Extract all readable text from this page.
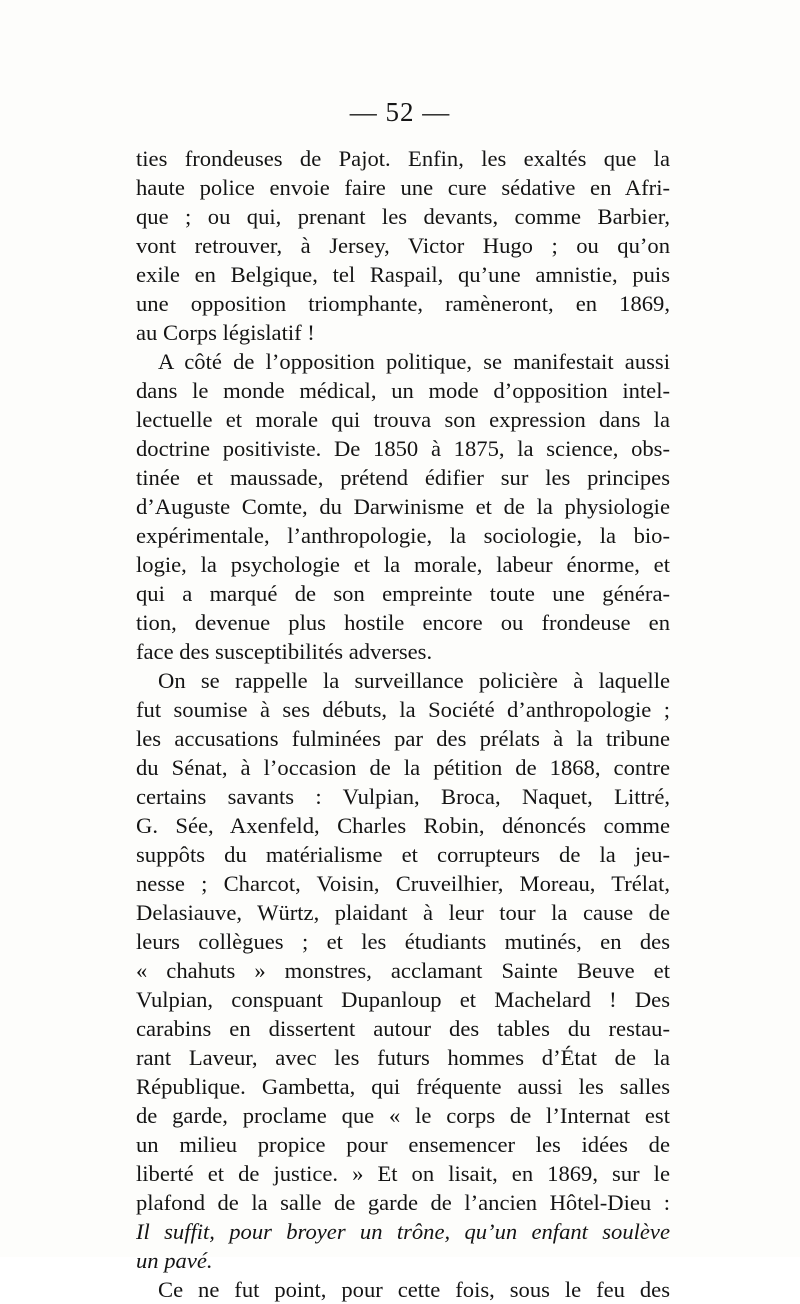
— 52 —
ties frondeuses de Pajot. Enfin, les exaltés que la
haute police envoie faire une cure sédative en Afri-
que ; ou qui, prenant les devants, comme Barbier,
vont retrouver, à Jersey, Victor Hugo ; ou qu’on
exile en Belgique, tel Raspail, qu’une amnistie, puis
une opposition triomphante, ramèneront, en 1869,
au Corps législatif !
A côté de l’opposition politique, se manifestait aussi
dans le monde médical, un mode d’opposition intel-
lectuelle et morale qui trouva son expression dans la
doctrine positiviste. De 1850 à 1875, la science, obs-
tinée et maussade, prétend édifier sur les principes
d’Auguste Comte, du Darwinisme et de la physiologie
expérimentale, l’anthropologie, la sociologie, la bio-
logie, la psychologie et la morale, labeur énorme, et
qui a marqué de son empreinte toute une généra-
tion, devenue plus hostile encore ou frondeuse en
face des susceptibilités adverses.
On se rappelle la surveillance policière à laquelle
fut soumise à ses débuts, la Société d’anthropologie ;
les accusations fulminées par des prélats à la tribune
du Sénat, à l’occasion de la pétition de 1868, contre
certains savants : Vulpian, Broca, Naquet, Littré,
G. Sée, Axenfeld, Charles Robin, dénoncés comme
suppôts du matérialisme et corrupteurs de la jeu-
nesse ; Charcot, Voisin, Cruveilhier, Moreau, Trélat,
Delasiauve, Würtz, plaidant à leur tour la cause de
leurs collègues ; et les étudiants mutinés, en des
« chahuts » monstres, acclamant Sainte Beuve et
Vulpian, conspuant Dupanloup et Machelard ! Des
carabins en dissertent autour des tables du restau-
rant Laveur, avec les futurs hommes d’État de la
République. Gambetta, qui fréquente aussi les salles
de garde, proclame que « le corps de l’Internat est
un milieu propice pour ensemencer les idées de
liberté et de justice. » Et on lisait, en 1869, sur le
plafond de la salle de garde de l’ancien Hôtel-Dieu :
Il suffit, pour broyer un trône, qu’un enfant soulève
un pavé.
Ce ne fut point, pour cette fois, sous le feu des
